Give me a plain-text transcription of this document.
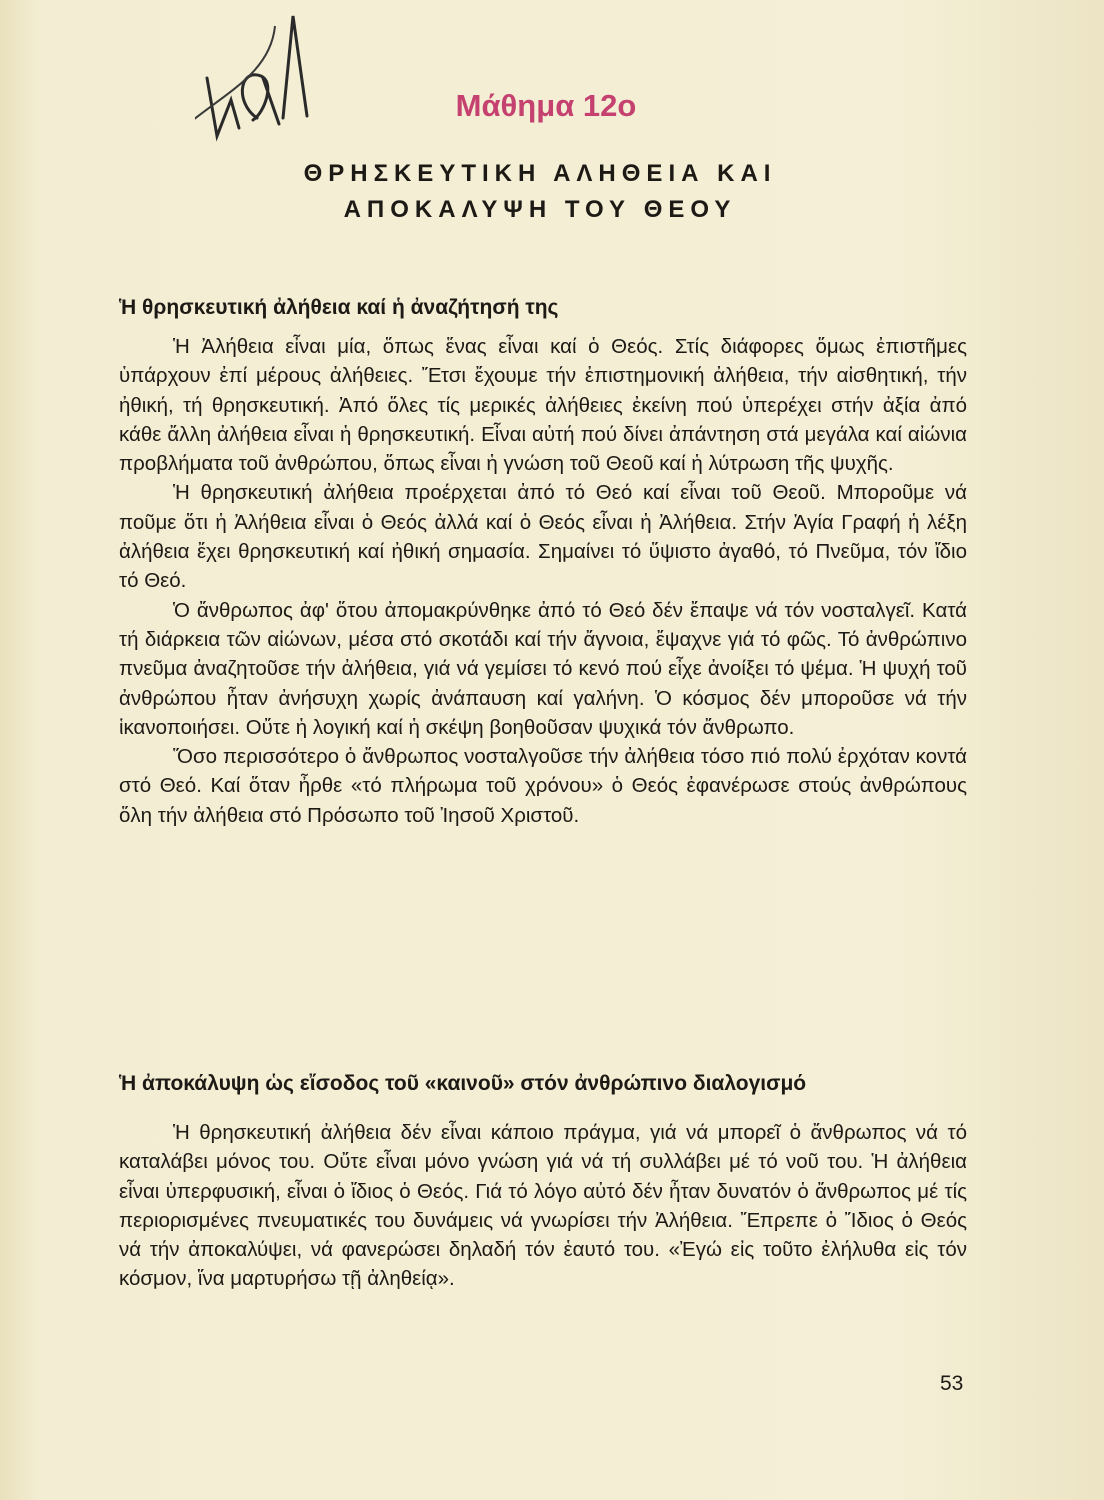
Μάθημα 12ο
ΘΡΗΣΚΕΥΤΙΚΗ ΑΛΗΘΕΙΑ ΚΑΙ
ΑΠΟΚΑΛΥΨΗ ΤΟΥ ΘΕΟΥ
Ἡ θρησκευτική ἀλήθεια καί ἡ ἀναζήτησή της

Ἡ Ἀλήθεια εἶναι μία, ὅπως ἕνας εἶναι καί ὁ Θεός. Στίς διάφορες ὅμως ἐπιστῆμες ὑπάρχουν ἐπί μέρους ἀλήθειες. Ἔτσι ἔχουμε τήν ἐπιστημονική ἀλήθεια, τήν αἰσθητική, τήν ἠθική, τή θρησκευτική. Ἀπό ὅλες τίς μερικές ἀλήθειες ἐκείνη πού ὑπερέχει στήν ἀξία ἀπό κάθε ἄλλη ἀλήθεια εἶναι ἡ θρησκευτική. Εἶναι αὐτή πού δίνει ἀπάντηση στά μεγάλα καί αἰώνια προβλήματα τοῦ ἀνθρώπου, ὅπως εἶναι ἡ γνώση τοῦ Θεοῦ καί ἡ λύτρωση τῆς ψυχῆς.

Ἡ θρησκευτική ἀλήθεια προέρχεται ἀπό τό Θεό καί εἶναι τοῦ Θεοῦ. Μποροῦμε νά ποῦμε ὅτι ἡ Ἀλήθεια εἶναι ὁ Θεός ἀλλά καί ὁ Θεός εἶναι ἡ Ἀλήθεια. Στήν Ἁγία Γραφή ἡ λέξη ἀλήθεια ἔχει θρησκευτική καί ἠθική σημασία. Σημαίνει τό ὕψιστο ἀγαθό, τό Πνεῦμα, τόν ἴδιο τό Θεό.

Ὁ ἄνθρωπος ἀφ' ὅτου ἀπομακρύνθηκε ἀπό τό Θεό δέν ἔπαψε νά τόν νοσταλγεῖ. Κατά τή διάρκεια τῶν αἰώνων, μέσα στό σκοτάδι καί τήν ἄγνοια, ἔψαχνε γιά τό φῶς. Τό ἀνθρώπινο πνεῦμα ἀναζητοῦσε τήν ἀλήθεια, γιά νά γεμίσει τό κενό πού εἶχε ἀνοίξει τό ψέμα. Ἡ ψυχή τοῦ ἀνθρώπου ἦταν ἀνήσυχη χωρίς ἀνάπαυση καί γαλήνη. Ὁ κόσμος δέν μποροῦσε νά τήν ἱκανοποιήσει. Οὔτε ἡ λογική καί ἡ σκέψη βοηθοῦσαν ψυχικά τόν ἄνθρωπο.

Ὅσο περισσότερο ὁ ἄνθρωπος νοσταλγοῦσε τήν ἀλήθεια τόσο πιό πολύ ἐρχόταν κοντά στό Θεό. Καί ὅταν ἦρθε «τό πλήρωμα τοῦ χρόνου» ὁ Θεός ἐφανέρωσε στούς ἀνθρώπους ὅλη τήν ἀλήθεια στό Πρόσωπο τοῦ Ἰησοῦ Χριστοῦ.

Ἡ ἀποκάλυψη ὡς εἴσοδος τοῦ «καινοῦ» στόν ἀνθρώπινο διαλογισμό

Ἡ θρησκευτική ἀλήθεια δέν εἶναι κάποιο πράγμα, γιά νά μπορεῖ ὁ ἄνθρωπος νά τό καταλάβει μόνος του. Οὔτε εἶναι μόνο γνώση γιά νά τή συλλάβει μέ τό νοῦ του. Ἡ ἀλήθεια εἶναι ὑπερφυσική, εἶναι ὁ ἴδιος ὁ Θεός. Γιά τό λόγο αὐτό δέν ἦταν δυνατόν ὁ ἄνθρωπος μέ τίς περιορισμένες πνευματικές του δυνάμεις νά γνωρίσει τήν Ἀλήθεια. Ἔπρεπε ὁ Ἴδιος ὁ Θεός νά τήν ἀποκαλύψει, νά φανερώσει δηλαδή τόν ἑαυτό του. «Ἐγώ εἰς τοῦτο ἐλήλυθα εἰς τόν κόσμον, ἵνα μαρτυρήσω τῇ ἀληθείᾳ».

53
